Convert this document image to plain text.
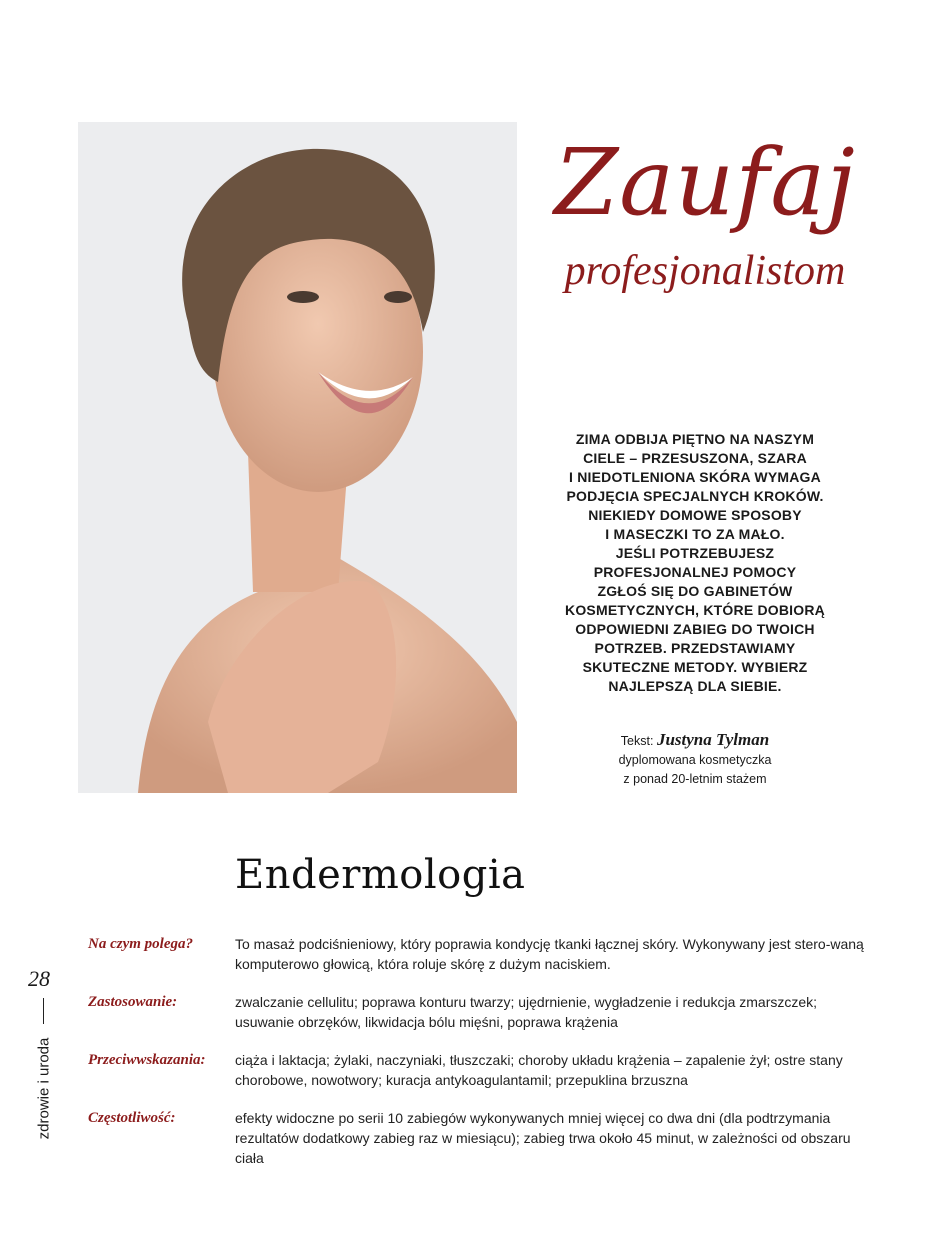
Zaufaj
profesjonalistom
ZIMA ODBIJA PIĘTNO NA NASZYM
CIELE – PRZESUSZONA, SZARA
I NIEDOTLENIONA SKÓRA WYMAGA
PODJĘCIA SPECJALNYCH KROKÓW.
NIEKIEDY DOMOWE SPOSOBY
I MASECZKI TO ZA MAŁO.
JEŚLI POTRZEBUJESZ
PROFESJONALNEJ POMOCY
ZGŁOŚ SIĘ DO GABINETÓW
KOSMETYCZNYCH, KTÓRE DOBIORĄ
ODPOWIEDNI ZABIEG DO TWOICH
POTRZEB. PRZEDSTAWIAMY
SKUTECZNE METODY. WYBIERZ
NAJLEPSZĄ DLA SIEBIE.
Tekst: Justyna Tylman
dyplomowana kosmetyczka
z ponad 20-letnim stażem
Endermologia
Na czym polega?	To masaż podciśnieniowy, który poprawia kondycję tkanki łącznej skóry. Wykonywany jest stero-waną komputerowo głowicą, która roluje skórę z dużym naciskiem.
Zastosowanie:	zwalczanie cellulitu; poprawa konturu twarzy; ujędrnienie, wygładzenie i redukcja zmarszczek; usuwanie obrzęków, likwidacja bólu mięśni, poprawa krążenia
Przeciwwskazania:	ciąża i laktacja; żylaki, naczyniaki, tłuszczaki; choroby układu krążenia – zapalenie żył; ostre stany chorobowe, nowotwory; kuracja antykoagulantamil; przepuklina brzuszna
Częstotliwość:	efekty widoczne po serii 10 zabiegów wykonywanych mniej więcej co dwa dni (dla podtrzymania rezultatów dodatkowy zabieg raz w miesiącu); zabieg trwa około 45 minut, w zależności od obszaru ciała
28
zdrowie i uroda
